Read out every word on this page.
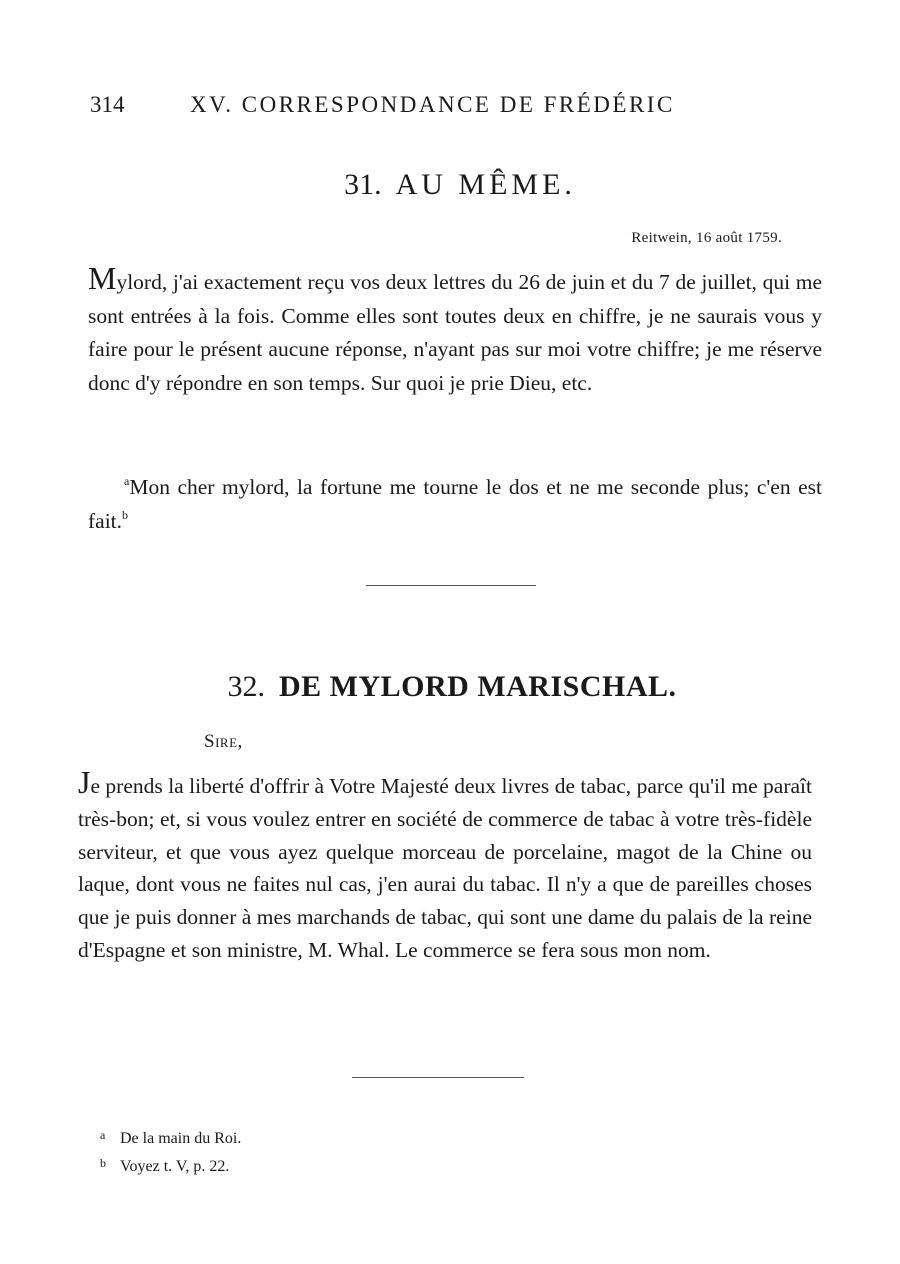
314	XV. CORRESPONDANCE DE FRÉDÉRIC
31. AU MÊME.
Reitwein, 16 août 1759.

Mylord, j'ai exactement reçu vos deux lettres du 26 de juin et du 7 de juillet, qui me sont entrées à la fois. Comme elles sont toutes deux en chiffre, je ne saurais vous y faire pour le présent aucune réponse, n'ayant pas sur moi votre chiffre; je me réserve donc d'y répondre en son temps. Sur quoi je prie Dieu, etc.

$^a$Mon cher mylord, la fortune me tourne le dos et ne me seconde plus; c'en est fait.$^b$

32. DE MYLORD MARISCHAL.
Sire,

Je prends la liberté d'offrir à Votre Majesté deux livres de tabac, parce qu'il me paraît très-bon; et, si vous voulez entrer en société de commerce de tabac à votre très-fidèle serviteur, et que vous ayez quelque morceau de porcelaine, magot de la Chine ou laque, dont vous ne faites nul cas, j'en aurai du tabac. Il n'y a que de pareilles choses que je puis donner à mes marchands de tabac, qui sont une dame du palais de la reine d'Espagne et son ministre, M. Whal. Le commerce se fera sous mon nom.

a De la main du Roi.
b Voyez t. V, p. 22.
